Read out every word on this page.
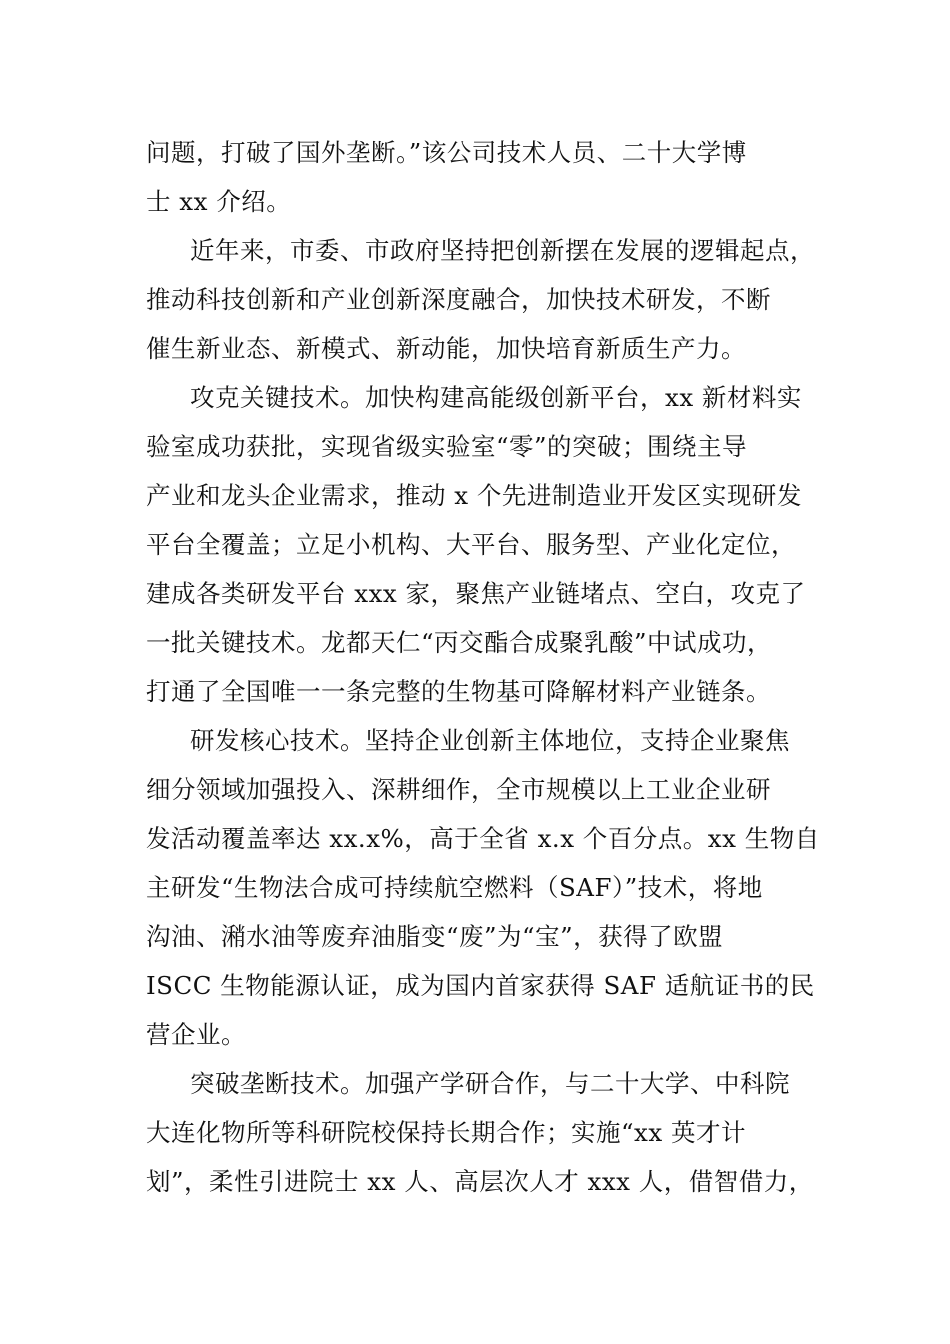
问题，打破了国外垄断。”该公司技术人员、二十大学博
士 xx 介绍。
近年来，市委、市政府坚持把创新摆在发展的逻辑起点，
推动科技创新和产业创新深度融合，加快技术研发，不断
催生新业态、新模式、新动能，加快培育新质生产力。
攻克关键技术。加快构建高能级创新平台，xx 新材料实
验室成功获批，实现省级实验室“零”的突破；围绕主导
产业和龙头企业需求，推动 x 个先进制造业开发区实现研发
平台全覆盖；立足小机构、大平台、服务型、产业化定位，
建成各类研发平台 xxx 家，聚焦产业链堵点、空白，攻克了
一批关键技术。龙都天仁“丙交酯合成聚乳酸”中试成功，
打通了全国唯一一条完整的生物基可降解材料产业链条。
研发核心技术。坚持企业创新主体地位，支持企业聚焦
细分领域加强投入、深耕细作，全市规模以上工业企业研
发活动覆盖率达 xx.x%，高于全省 x.x 个百分点。xx 生物自
主研发“生物法合成可持续航空燃料（SAF）”技术，将地
沟油、潲水油等废弃油脂变“废”为“宝”，获得了欧盟
ISCC 生物能源认证，成为国内首家获得 SAF 适航证书的民
营企业。
突破垄断技术。加强产学研合作，与二十大学、中科院
大连化物所等科研院校保持长期合作；实施“xx 英才计
划”，柔性引进院士 xx 人、高层次人才 xxx 人，借智借力，
